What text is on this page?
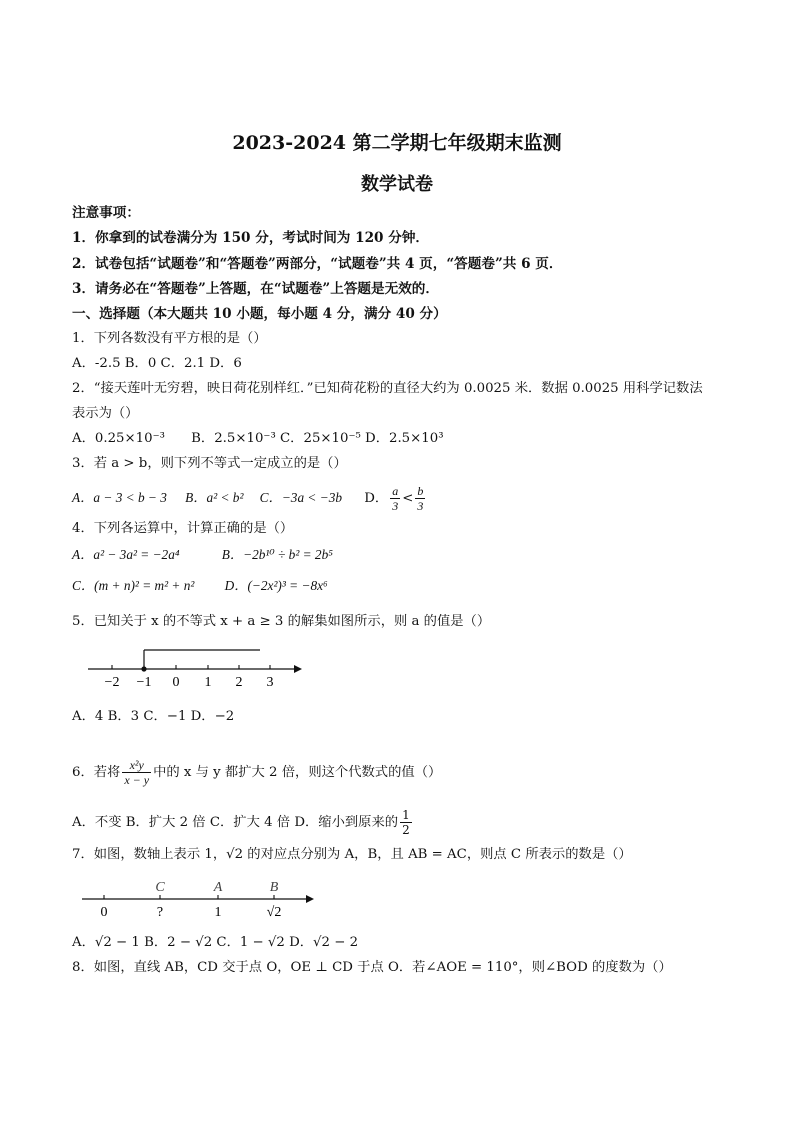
2023-2024 第二学期七年级期末监测
数学试卷
注意事项：
1．你拿到的试卷满分为 150 分，考试时间为 120 分钟．
2．试卷包括“试题卷”和“答题卷”两部分，“试题卷”共 4 页，“答题卷”共 6 页．
3．请务必在“答题卷”上答题，在“试题卷”上答题是无效的．
一、选择题（本大题共 10 小题，每小题 4 分，满分 40 分）
1．下列各数没有平方根的是（）
A．-2.5 B．0 C．2.1 D．6
2．“接天莲叶无穷碧，映日荷花别样红．”已知荷花粉的直径大约为 0.0025 米．数据 0.0025 用科学记数法
表示为（）
A．0.25×10⁻³ B．2.5×10⁻³ C．25×10⁻⁵ D．2.5×10³
3．若 a > b，则下列不等式一定成立的是（）
A．a − 3 < b − 3 B．a² < b² C．−3a < −3b D． $\frac{a}{3} < \frac{b}{3}$
4．下列各运算中，计算正确的是（）
A．a² − 3a² = −2a⁴	B．−2b¹⁰ ÷ b² = 2b⁵
C．(m + n)² = m² + n² D．(−2x²)³ = −8x⁶
5．已知关于 x 的不等式 x + a ≥ 3 的解集如图所示，则 a 的值是（）
−2 −1 0 1 2 3
A．4 B．3 C．−1 D．−2
6．若将 $\frac{\text{x²y}}{x - y}$ 中的 x 与 y 都扩大 2 倍，则这个代数式的值（）
A．不变 B．扩大 2 倍 C．扩大 4 倍 D．缩小到原来的 $\frac{1}{2}$
7．如图，数轴上表示 1，√2 的对应点分别为 A，B，且 AB = AC，则点 C 所表示的数是（）
C	A	B
0	?	1	√2
A．√2 − 1 B．2 − √2 C．1 − √2 D．√2 − 2
8．如图，直线 AB，CD 交于点 O，OE ⊥ CD 于点 O．若∠AOE = 110°，则∠BOD 的度数为（）
